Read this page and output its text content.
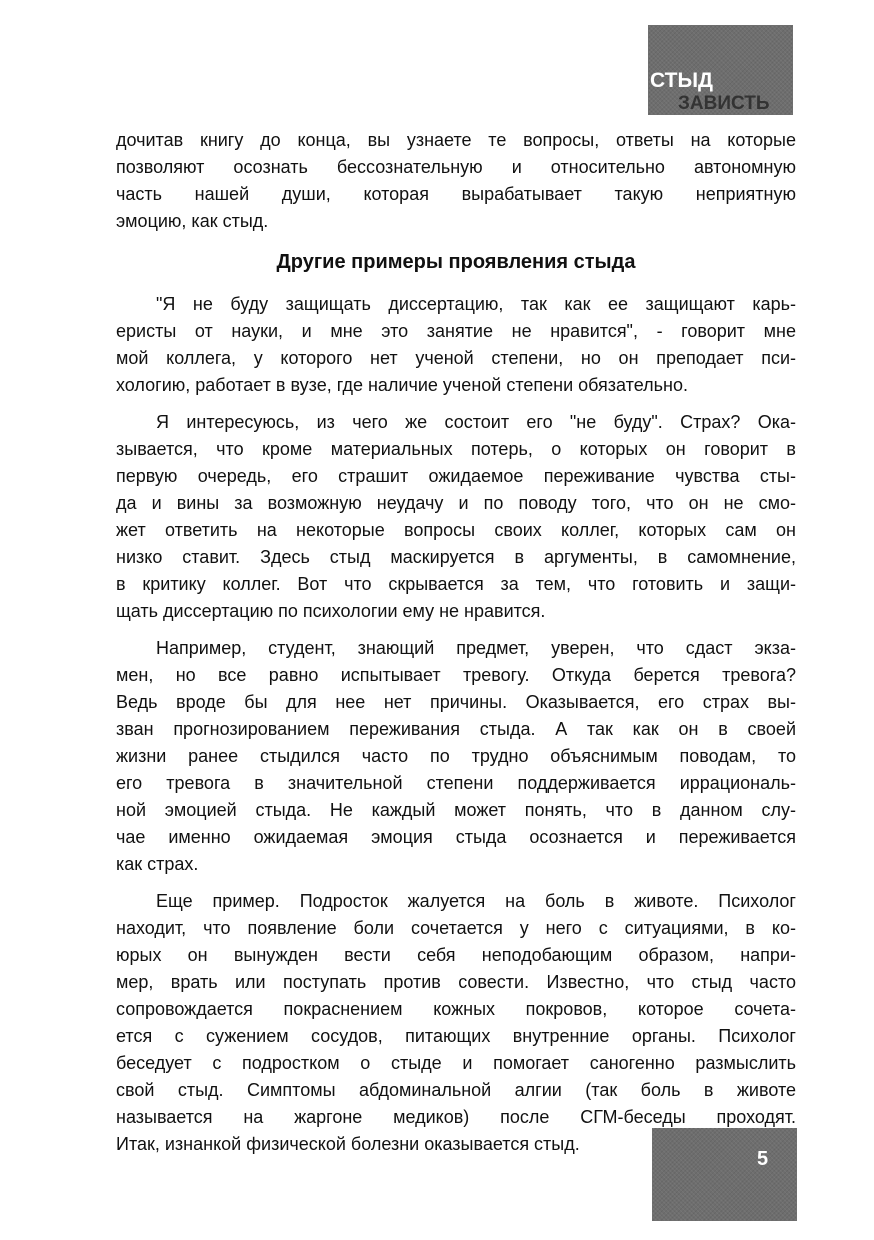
СТЫД
ЗАВИСТЬ
дочитав книгу до конца, вы узнаете те вопросы, ответы на которые
позволяют осознать бессознательную и относительно автономную
часть нашей души, которая вырабатывает такую неприятную
эмоцию, как стыд.
Другие примеры проявления стыда
"Я не буду защищать диссертацию, так как ее защищают карь-
еристы от науки, и мне это занятие не нравится", - говорит мне
мой коллега, у которого нет ученой степени, но он преподает пси-
хологию, работает в вузе, где наличие ученой степени обязательно.
Я интересуюсь, из чего же состоит его "не буду". Страх? Ока-
зывается, что кроме материальных потерь, о которых он говорит в
первую очередь, его страшит ожидаемое переживание чувства сты-
да и вины за возможную неудачу и по поводу того, что он не смо-
жет ответить на некоторые вопросы своих коллег, которых сам он
низко ставит. Здесь стыд маскируется в аргументы, в самомнение,
в критику коллег. Вот что скрывается за тем, что готовить и защи-
щать диссертацию по психологии ему не нравится.
Например, студент, знающий предмет, уверен, что сдаст экза-
мен, но все равно испытывает тревогу. Откуда берется тревога?
Ведь вроде бы для нее нет причины. Оказывается, его страх вы-
зван прогнозированием переживания стыда. А так как он в своей
жизни ранее стыдился часто по трудно объяснимым поводам, то
его тревога в значительной степени поддерживается иррациональ-
ной эмоцией стыда. Не каждый может понять, что в данном слу-
чае именно ожидаемая эмоция стыда осознается и переживается
как страх.
Еще пример. Подросток жалуется на боль в животе. Психолог
находит, что появление боли сочетается у него с ситуациями, в ко-
юрых он вынужден вести себя неподобающим образом, напри-
мер, врать или поступать против совести. Известно, что стыд часто
сопровождается покраснением кожных покровов, которое сочета-
ется с сужением сосудов, питающих внутренние органы. Психолог
беседует с подростком о стыде и помогает саногенно размыслить
свой стыд. Симптомы абдоминальной алгии (так боль в животе
называется на жаргоне медиков) после СГМ-беседы проходят.
Итак, изнанкой физической болезни оказывается стыд.
5
